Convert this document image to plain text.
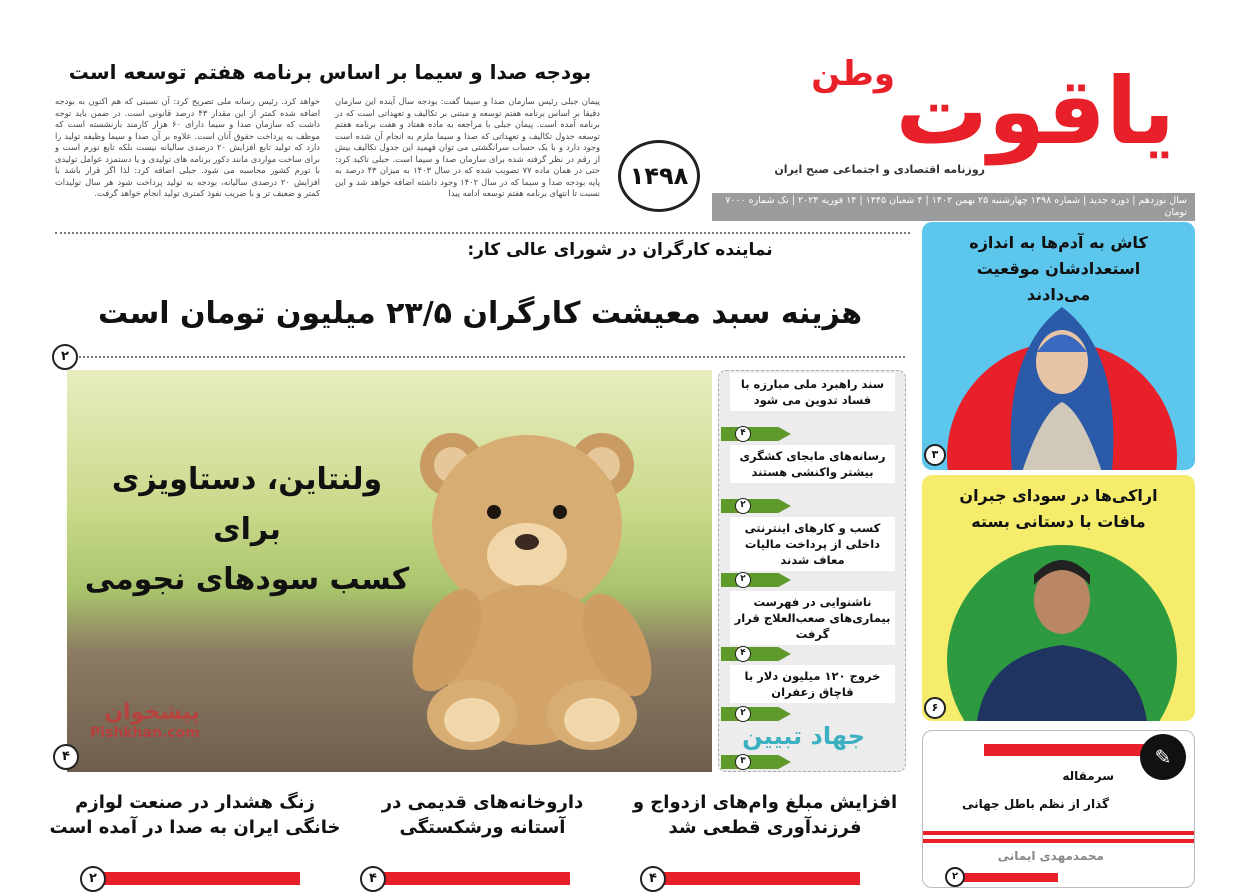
وطن یاقوت
روزنامه اقتصادی و اجتماعی صبح ایران
سال نوزدهم | دوره جدید | شماره ۱۴۹۸ چهارشنبه ۲۵ بهمن ۱۴۰۲ | ۴ شعبان ۱۴۴۵ | ۱۴ فوریه ۲۰۲۴ | تک شماره ۷۰۰۰ تومان
۱۴۹۸
بودجه صدا و سیما بر اساس برنامه هفتم توسعه است
پیمان جبلی رئیس سازمان صدا و سیما گفت: بودجه سال آینده این سازمان دقیقا بر اساس برنامه هفتم توسعه و مبتنی بر تکالیف و تعهداتی است که در برنامه آمده است. پیمان جبلی با مراجعه به ماده هفتاد و هفت برنامه هفتم توسعه جدول تکالیف و تعهداتی که صدا و سیما ملزم به انجام آن شده است وجود دارد و با یک حساب سرانگشتی می توان فهمید این جدول تکالیف بیش از رقم در نظر گرفته شده برای سازمان صدا و سیما است. جبلی تاکید کرد: حتی در همان ماده ۷۷ تصویب شده که در سال ۱۴۰۳ به میزان ۴۳ درصد به پایه بودجه صدا و سیما که در سال ۱۴۰۲ وجود داشته اضافه خواهد شد و این نسبت تا انتهای برنامه هفتم توسعه ادامه پیدا
خواهد کرد. رئیس رسانه ملی تصریح کرد: آن نسبتی که هم اکنون به بودجه اضافه شده کمتر از این مقدار ۴۳ درصد قانونی است. در ضمن باید توجه داشت که سازمان صدا و سیما دارای ۶۰ هزار کارمند بازنشسته است که موظف به پرداخت حقوق آنان است. علاوه بر آن صدا و سیما وظیفه تولید را دارد که تولید تابع افزایش ۲۰ درصدی سالیانه نیست بلکه تابع تورم است و برای ساخت مواردی مانند دکور برنامه های تولیدی و یا دستمزد عوامل تولیدی با تورم کشور محاسبه می شود. جبلی اضافه کرد: لذا اگر قرار باشد با افزایش ۲۰ درصدی سالیانه، بودجه به تولید پرداخت شود هر سال تولیدات کمتر و ضعیف تر و با ضریب نفوذ کمتری تولید انجام خواهد گرفت.
نماینده کارگران در شورای عالی کار:
هزینه سبد معیشت کارگران ۲۳/۵ میلیون تومان است
۲
ولنتاین، دستاویزی برای
کسب سودهای نجومی
۴
پیشخوان
Pishkhan.com
سند راهبرد ملی مبارزه با فساد تدوین می شود
۴
رسانه‌های مابجای کشگری بیشتر واکنشی هستند
۲
کسب و کارهای اینترنتی داخلی از پرداخت مالیات معاف شدند
۲
ناشنوایی در فهرست بیماری‌های صعب‌العلاج قرار گرفت
۴
خروج ۱۲۰ میلیون دلار با قاچاق زعفران
۲
جهاد تبیین
۳
کاش به آدم‌ها به اندازه استعدادشان موقعیت می‌دادند
۳
اراکی‌ها در سودای جبران مافات با دستانی بسته
۶
✎
سرمقاله
گذار از نظم باطل جهانی
محمدمهدی ایمانی
۲
افزایش مبلغ وام‌های ازدواج و فرزندآوری قطعی شد
۴
داروخانه‌های قدیمی در آستانه ورشکستگی
۴
زنگ هشدار در صنعت لوازم خانگی ایران به صدا در آمده است
۲
